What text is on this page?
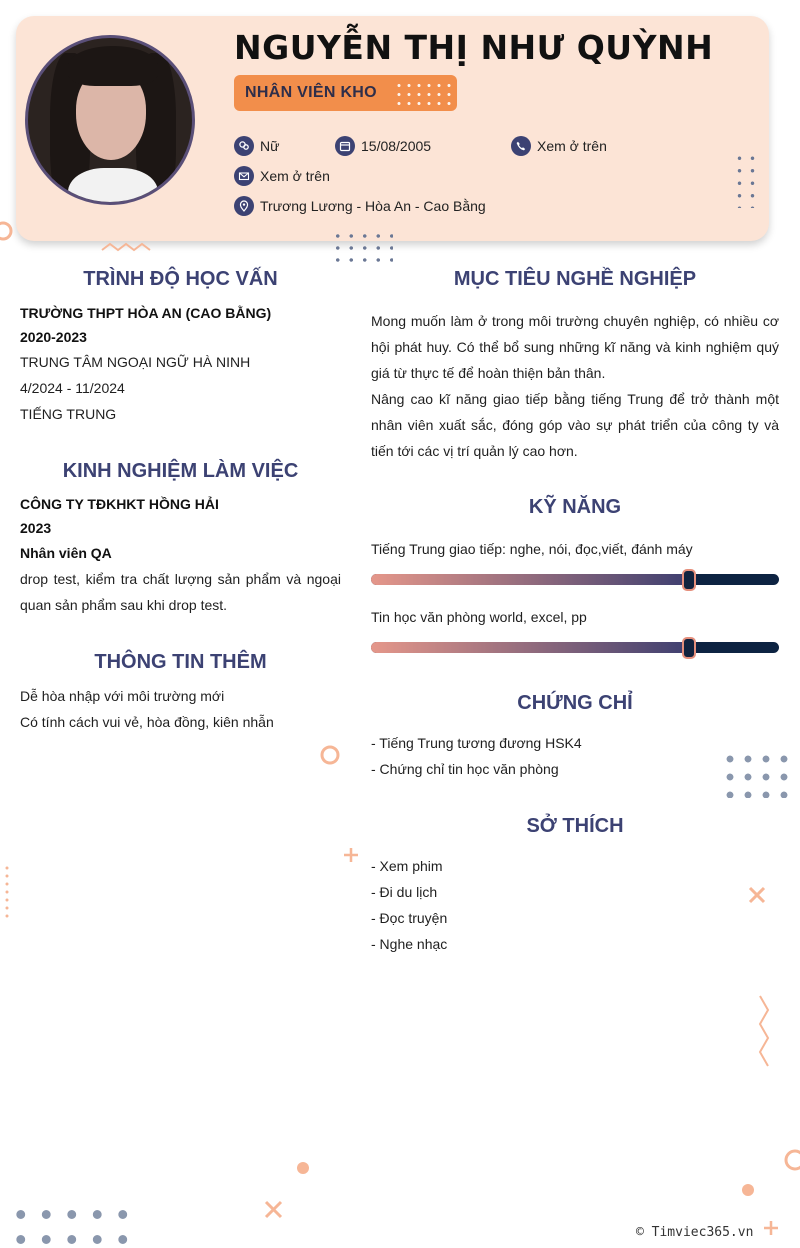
NGUYỄN THỊ NHƯ QUỲNH
NHÂN VIÊN KHO
Nữ	15/08/2005	Xem ở trên
Xem ở trên
Trương Lương - Hòa An - Cao Bằng
TRÌNH ĐỘ HỌC VẤN
TRƯỜNG THPT HÒA AN (CAO BẰNG)
2020-2023
TRUNG TÂM NGOẠI NGỮ HÀ NINH
4/2024 - 11/2024
TIẾNG TRUNG
KINH NGHIỆM LÀM VIỆC
CÔNG TY TĐKHKT HỒNG HẢI
2023
Nhân viên QA
drop test, kiểm tra chất lượng sản phẩm và ngoại quan sản phẩm sau khi drop test.
THÔNG TIN THÊM
Dễ hòa nhập với môi trường mới
Có tính cách vui vẻ, hòa đồng, kiên nhẫn
MỤC TIÊU NGHỀ NGHIỆP
Mong muốn làm ở trong môi trường chuyên nghiệp, có nhiều cơ hội phát huy. Có thể bổ sung những kĩ năng và kinh nghiệm quý giá từ thực tế để hoàn thiện bản thân.
Nâng cao kĩ năng giao tiếp bằng tiếng Trung để trở thành một nhân viên xuất sắc, đóng góp vào sự phát triển của công ty và tiến tới các vị trí quản lý cao hơn.
KỸ NĂNG
Tiếng Trung giao tiếp: nghe, nói, đọc,viết, đánh máy
Tin học văn phòng world, excel, pp
CHỨNG CHỈ
- Tiếng Trung tương đương HSK4
- Chứng chỉ tin học văn phòng
SỞ THÍCH
- Xem phim
- Đi du lịch
- Đọc truyện
- Nghe nhạc
© Timviec365.vn
